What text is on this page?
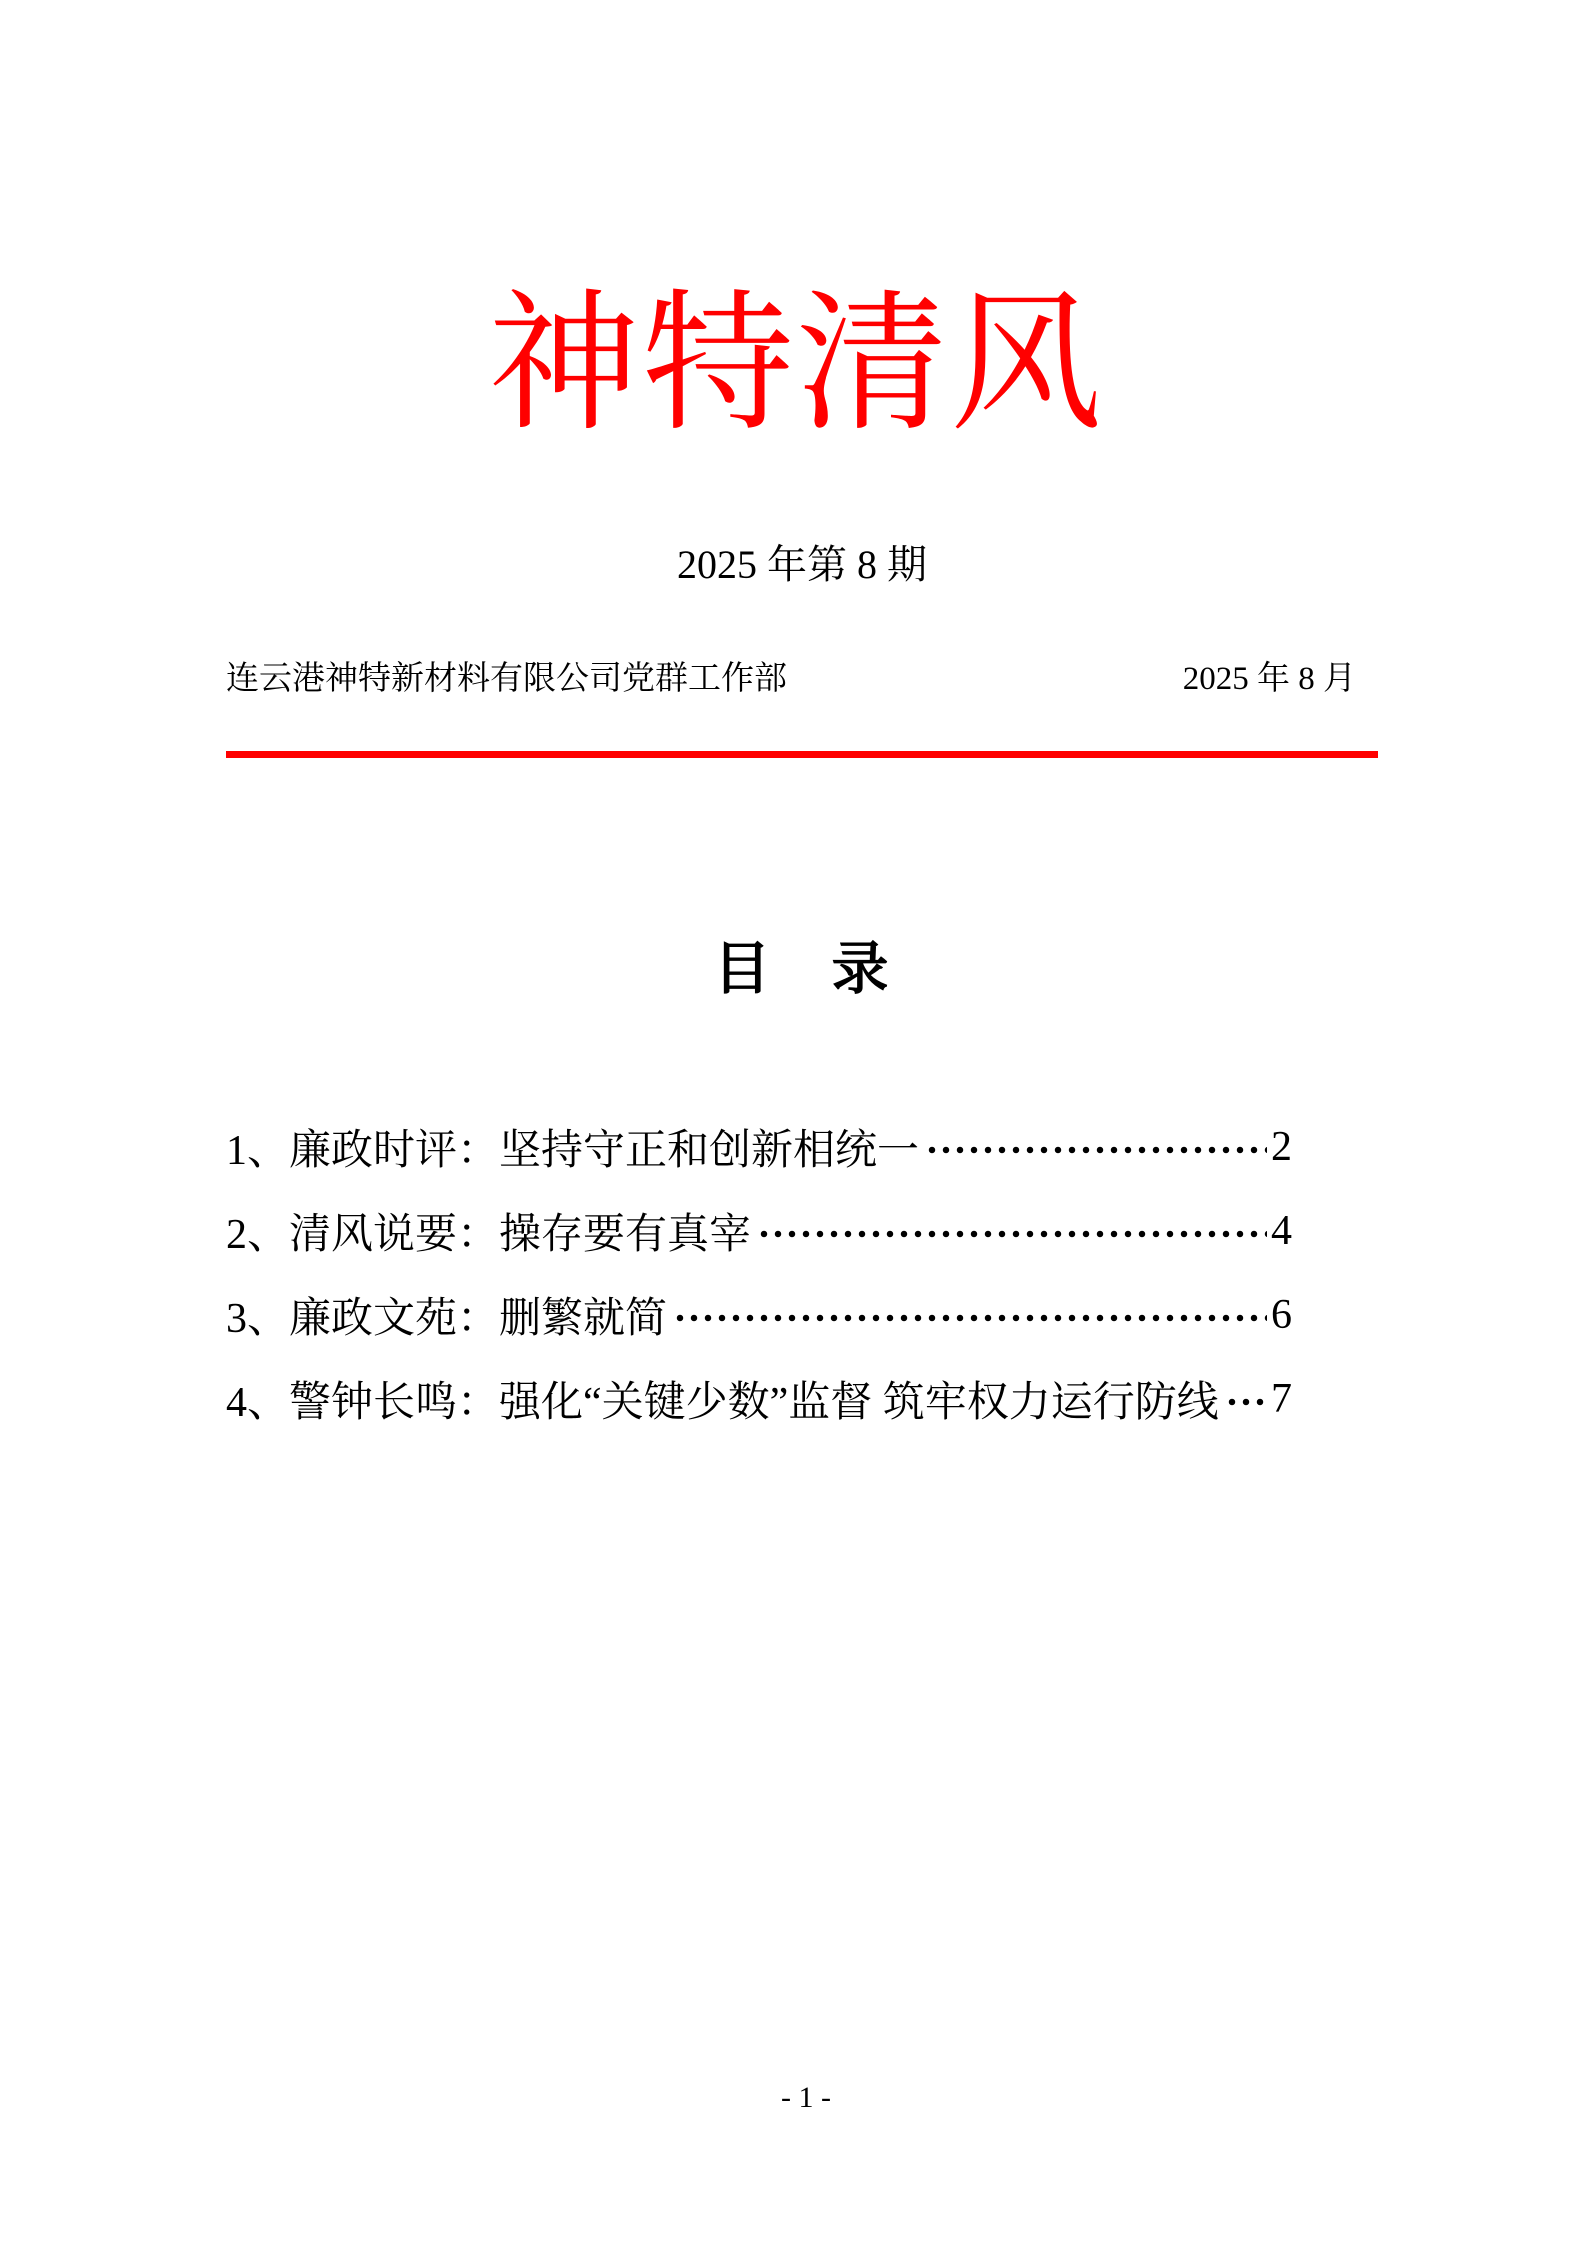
神特清风
2025 年第 8 期
连云港神特新材料有限公司党群工作部	2025 年 8 月
目　录
1、廉政时评：坚持守正和创新相统一	2
2、清风说要：操存要有真宰	4
3、廉政文苑：删繁就简	6
4、警钟长鸣：强化“关键少数”监督 筑牢权力运行防线 7
- 1 -
